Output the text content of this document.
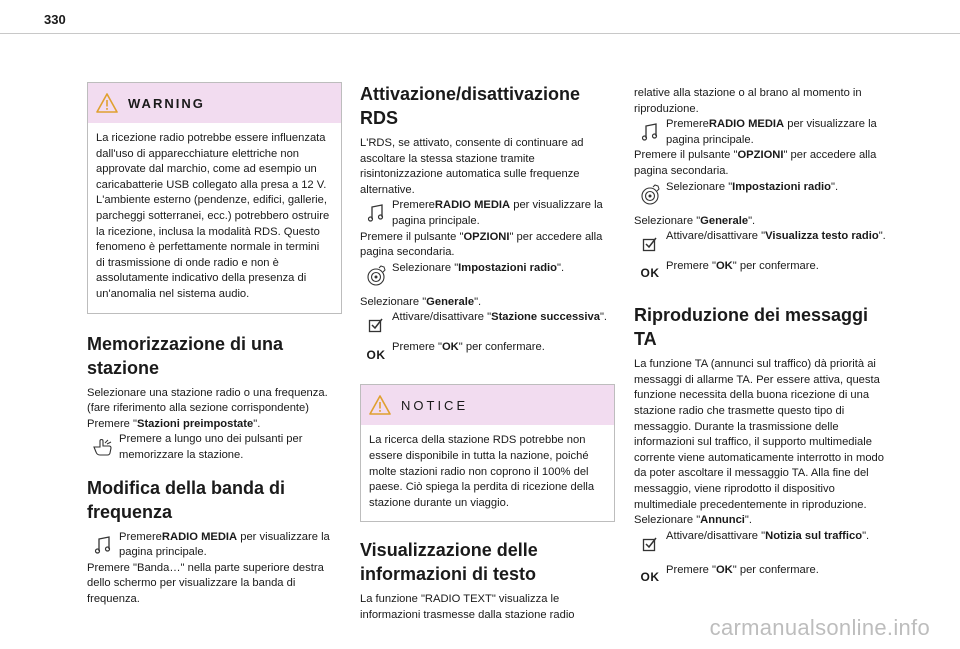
330
WARNING
La ricezione radio potrebbe essere influenzata dall'uso di apparecchiature elettriche non approvate dal marchio, come ad esempio un caricabatterie USB collegato alla presa a 12 V. L'ambiente esterno (pendenze, edifici, gallerie, parcheggi sotterranei, ecc.) potrebbero ostruire la ricezione, inclusa la modalità RDS. Questo fenomeno è perfettamente normale in termini di trasmissione di onde radio e non è assolutamente indicativo della presenza di un'anomalia nel sistema audio.
Memorizzazione di una stazione

Selezionare una stazione radio o una frequenza. (fare riferimento alla sezione corrispondente)

Premere "Stazioni preimpostate".

Premere a lungo uno dei pulsanti per memorizzare la stazione.
Modifica della banda di frequenza
PremereRADIO MEDIA per visualizzare la pagina principale.

Premere "Banda…" nella parte superiore destra dello schermo per visualizzare la banda di frequenza.

Attivazione/disattivazione RDS

L'RDS, se attivato, consente di continuare ad ascoltare la stessa stazione tramite risintonizzazione automatica sulle frequenze alternative.

PremereRADIO MEDIA per visualizzare la pagina principale.

Premere il pulsante "OPZIONI" per accedere alla pagina secondaria.

Selezionare "Impostazioni radio".

Selezionare "Generale".

Attivare/disattivare "Stazione successiva".
OK
Premere "OK" per confermare.
NOTICE
La ricerca della stazione RDS potrebbe non essere disponibile in tutta la nazione, poiché molte stazioni radio non coprono il 100% del paese. Ciò spiega la perdita di ricezione della stazione durante un viaggio.
Visualizzazione delle informazioni di testo

La funzione "RADIO TEXT" visualizza le informazioni trasmesse dalla stazione radio

relative alla stazione o al brano al momento in riproduzione.

PremereRADIO MEDIA per visualizzare la pagina principale.

Premere il pulsante "OPZIONI" per accedere alla pagina secondaria.

Selezionare "Impostazioni radio".

Selezionare "Generale".

Attivare/disattivare "Visualizza testo radio".
OK
Premere "OK" per confermare.
Riproduzione dei messaggi TA

La funzione TA (annunci sul traffico) dà priorità ai messaggi di allarme TA. Per essere attiva, questa funzione necessita della buona ricezione di una stazione radio che trasmette questo tipo di messaggio. Durante la trasmissione delle informazioni sul traffico, il supporto multimediale corrente viene automaticamente interrotto in modo da poter ascoltare il messaggio TA. Alla fine del messaggio, viene riprodotto il dispositivo multimediale precedentemente in riproduzione.

Selezionare "Annunci".

Attivare/disattivare "Notizia sul traffico".
OK
Premere "OK" per confermare.
carmanualsonline.info
